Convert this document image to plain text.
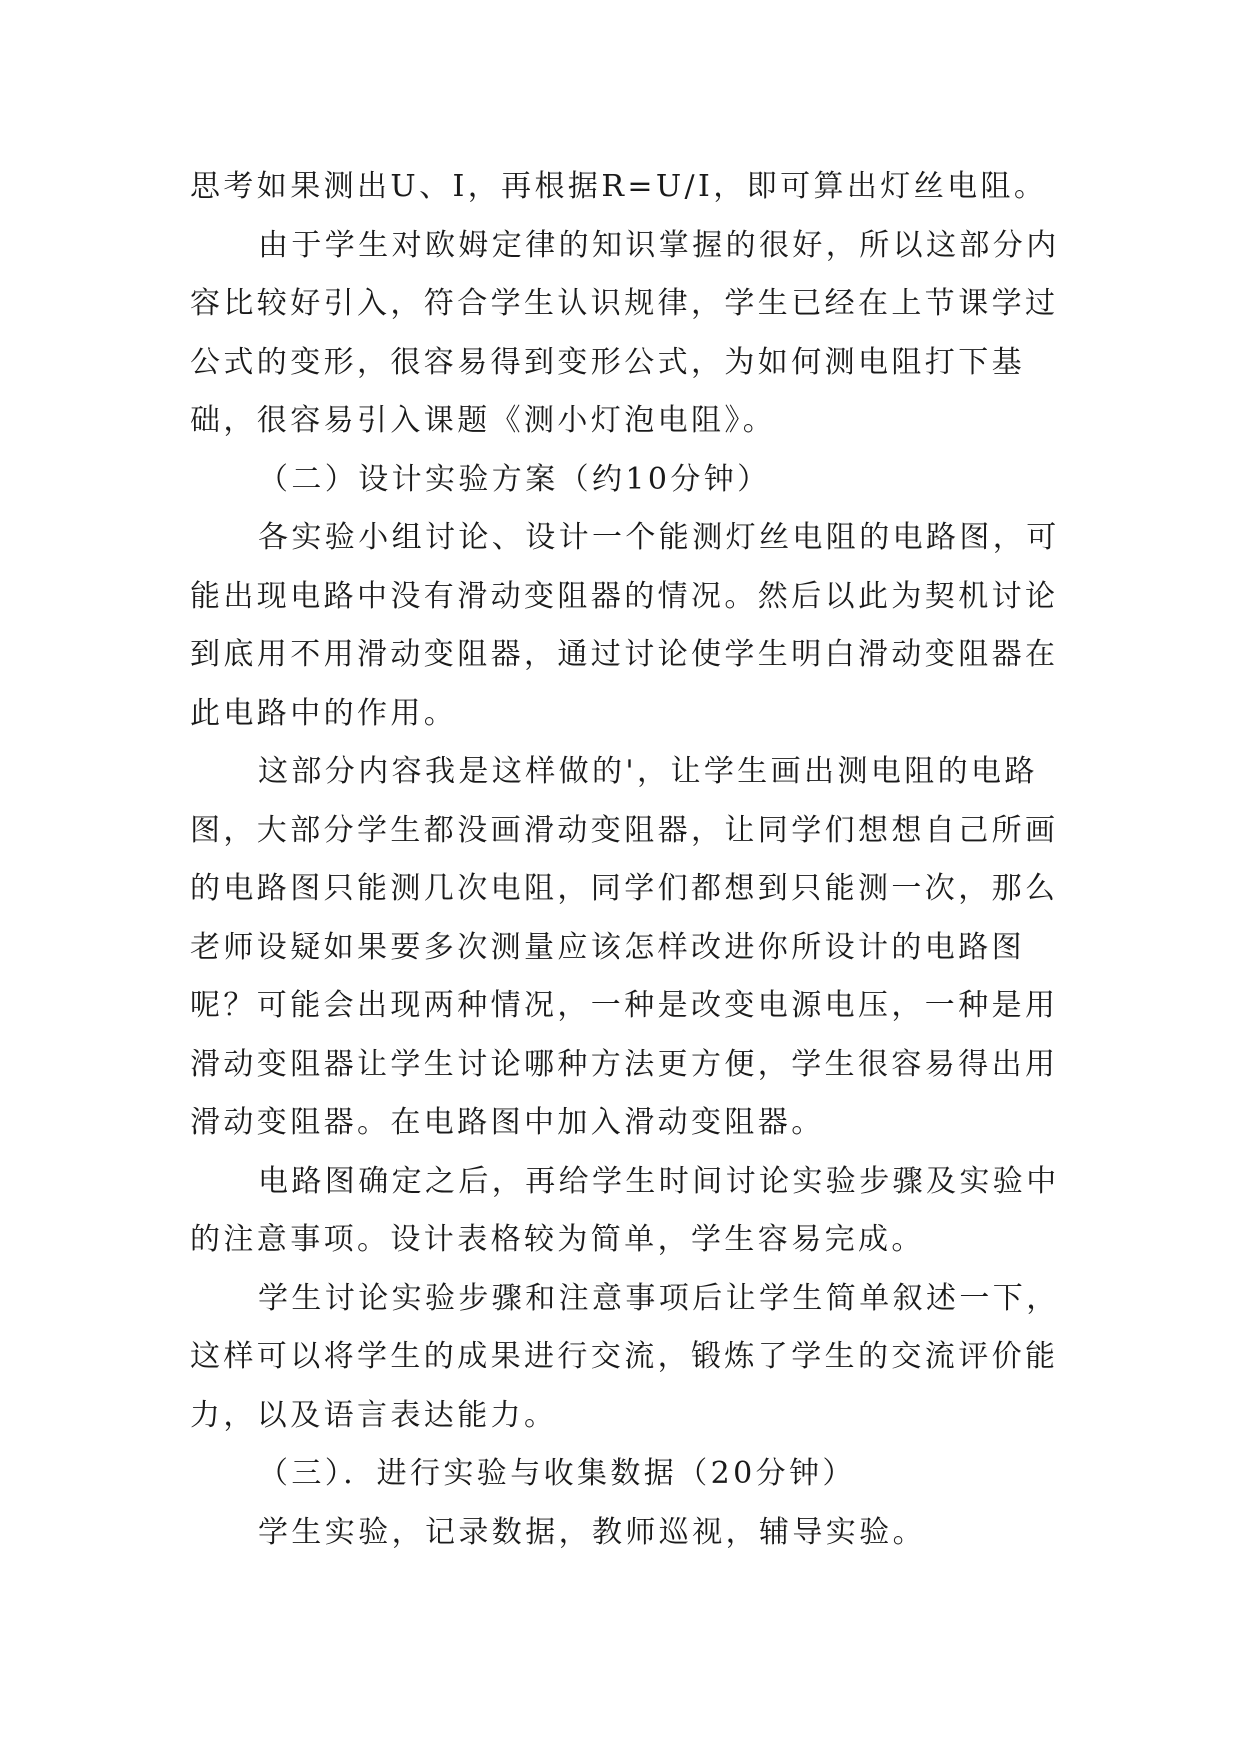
思考如果测出U、I，再根据R=U/I，即可算出灯丝电阻。

由于学生对欧姆定律的知识掌握的很好，所以这部分内容比较好引入，符合学生认识规律，学生已经在上节课学过公式的变形，很容易得到变形公式，为如何测电阻打下基础，很容易引入课题《测小灯泡电阻》。

（二）设计实验方案（约10分钟）

各实验小组讨论、设计一个能测灯丝电阻的电路图，可能出现电路中没有滑动变阻器的情况。然后以此为契机讨论到底用不用滑动变阻器，通过讨论使学生明白滑动变阻器在此电路中的作用。

这部分内容我是这样做的'，让学生画出测电阻的电路图，大部分学生都没画滑动变阻器，让同学们想想自己所画的电路图只能测几次电阻，同学们都想到只能测一次，那么老师设疑如果要多次测量应该怎样改进你所设计的电路图呢？可能会出现两种情况，一种是改变电源电压，一种是用滑动变阻器让学生讨论哪种方法更方便，学生很容易得出用滑动变阻器。在电路图中加入滑动变阻器。

电路图确定之后，再给学生时间讨论实验步骤及实验中的注意事项。设计表格较为简单，学生容易完成。

学生讨论实验步骤和注意事项后让学生简单叙述一下，这样可以将学生的成果进行交流，锻炼了学生的交流评价能力，以及语言表达能力。

（三）．进行实验与收集数据（20分钟）

学生实验，记录数据，教师巡视，辅导实验。
